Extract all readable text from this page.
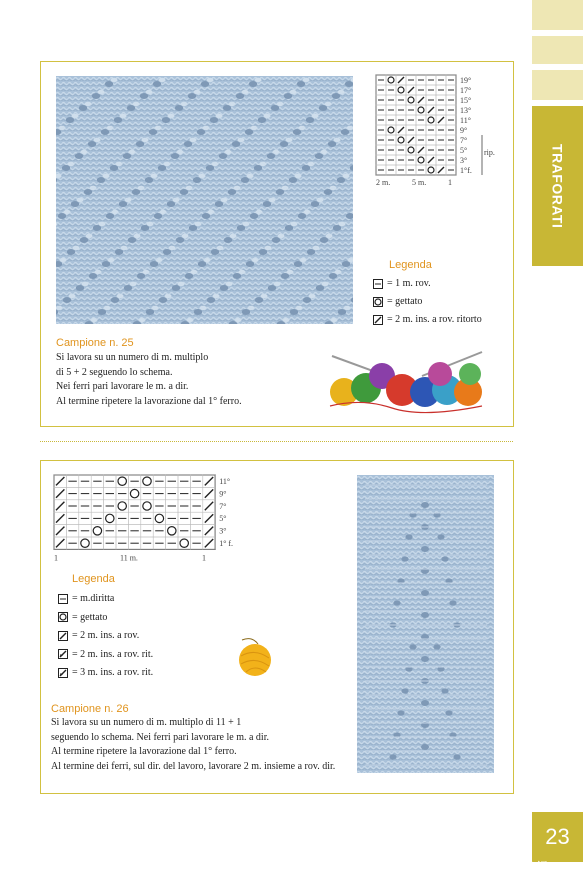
TRAFORATI
23
19°
17°
15°
13°
11°
9°
7°
5°
3°
1°f.
rip.
2 m.	5 m.	1
Legenda
= 1 m. rov.
= gettato
= 2 m. ins. a rov. ritorto
Campione n. 25
Si lavora su un numero di m. multiplo
di 5 + 2 seguendo lo schema.
Nei ferri pari lavorare le m. a dir.
Al termine ripetere la lavorazione dal 1° ferro.
11°
9°
7°
5°
3°
1° f.
1	11 m.	1
Legenda
= m.diritta
= gettato
= 2 m. ins. a rov.
= 2 m. ins. a rov. rit.
= 3 m. ins. a rov. rit.
Campione n. 26
Si lavora su un numero di m. multiplo di 11 + 1
seguendo lo schema. Nei ferri pari lavorare le m. a dir.
Al termine ripetere la lavorazione dal 1° ferro.
Al termine dei ferri, sul dir. del lavoro, lavorare 2 m. insieme a rov. dir.
头条 @轻描编织
